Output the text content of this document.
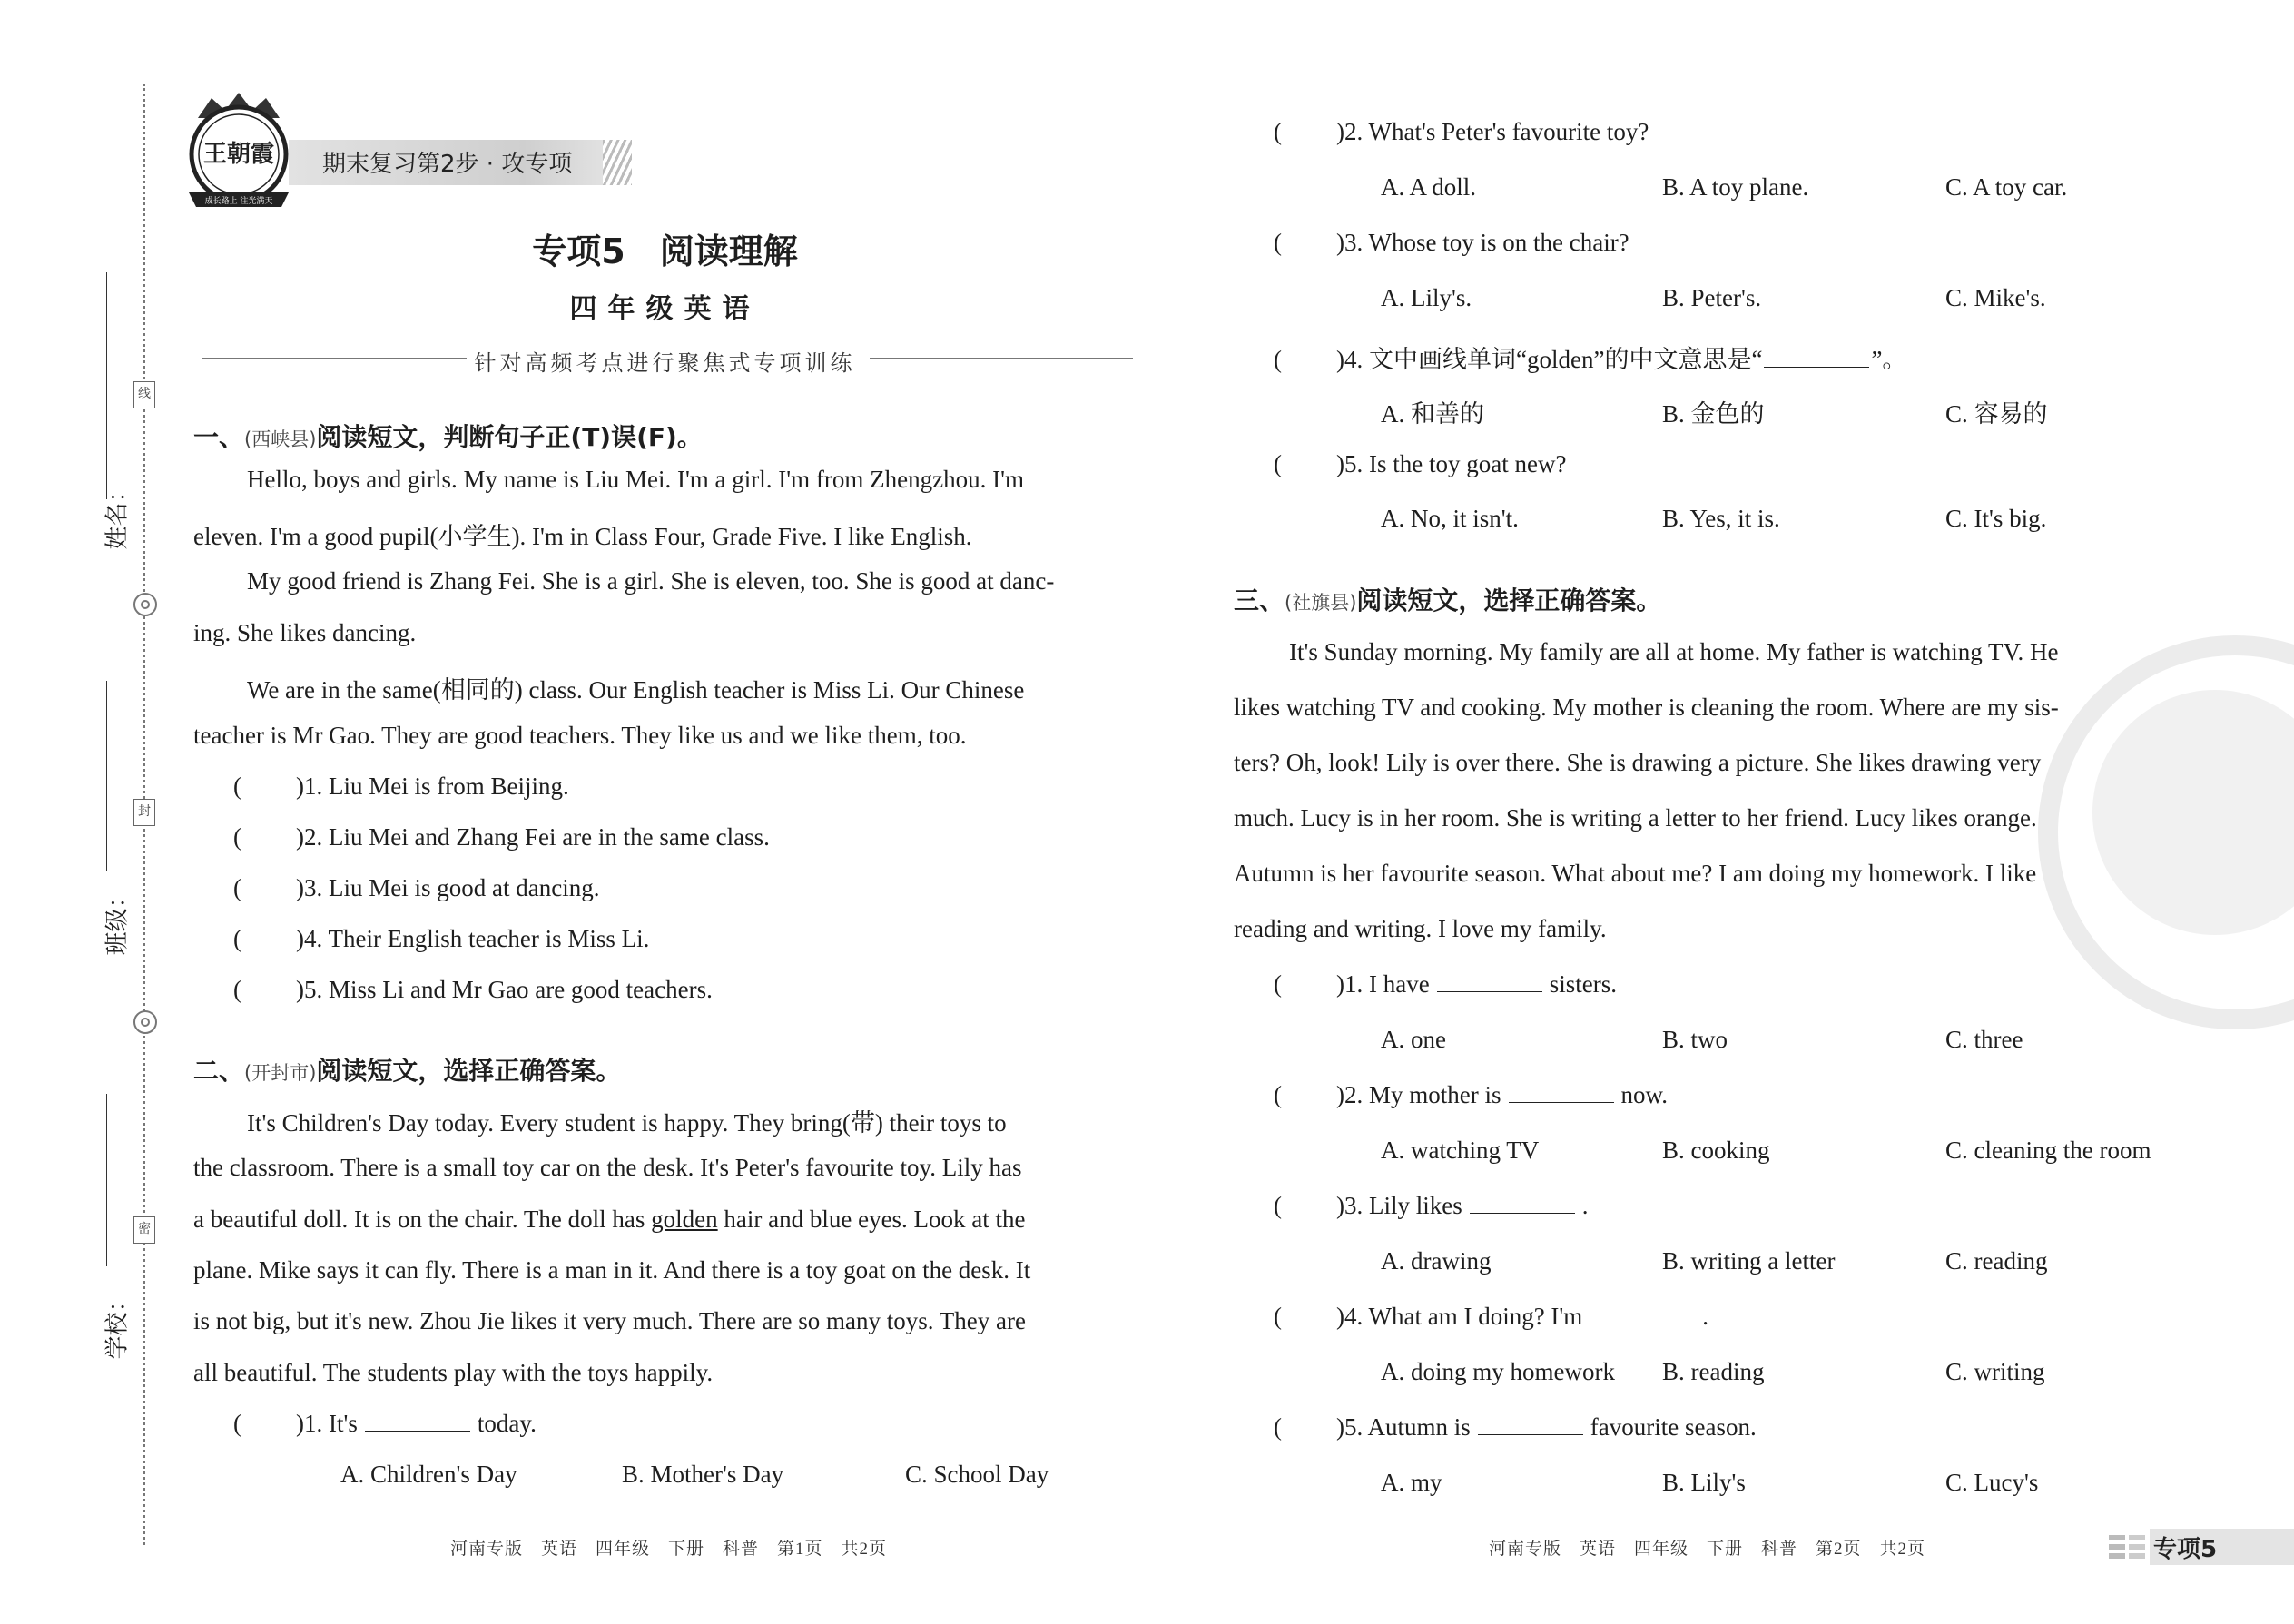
线
封
密
姓名：
班级：
学校：
期末复习第2步 · 攻专项
王朝霞
成长路上 注光满天
专项5　阅读理解
四年级英语
针对高频考点进行聚焦式专项训练
一、(西峡县)阅读短文，判断句子正(T)误(F)。
Hello, boys and girls. My name is Liu Mei. I'm a girl. I'm from Zhengzhou. I'm
eleven. I'm a good pupil(小学生). I'm in Class Four, Grade Five. I like English.
My good friend is Zhang Fei. She is a girl. She is eleven, too. She is good at danc-
ing. She likes dancing.
We are in the same(相同的) class. Our English teacher is Miss Li. Our Chinese
teacher is Mr Gao. They are good teachers. They like us and we like them, too.
( )1. Liu Mei is from Beijing.
( )2. Liu Mei and Zhang Fei are in the same class.
( )3. Liu Mei is good at dancing.
( )4. Their English teacher is Miss Li.
( )5. Miss Li and Mr Gao are good teachers.
二、(开封市)阅读短文，选择正确答案。
It's Children's Day today. Every student is happy. They bring(带) their toys to
the classroom. There is a small toy car on the desk. It's Peter's favourite toy. Lily has
a beautiful doll. It is on the chair. The doll has golden hair and blue eyes. Look at the
plane. Mike says it can fly. There is a man in it. And there is a toy goat on the desk. It
is not big, but it's new. Zhou Jie likes it very much. There are so many toys. They are
all beautiful. The students play with the toys happily.
( )1. It's	today.
A. Children's Day	B. Mother's Day	C. School Day
( )2. What's Peter's favourite toy?
A. A doll.	B. A toy plane.	C. A toy car.
( )3. Whose toy is on the chair?
A. Lily's.	B. Peter's.	C. Mike's.
( )4. 文中画线单词“golden”的中文意思是“	”。
A. 和善的	B. 金色的	C. 容易的
( )5. Is the toy goat new?
A. No, it isn't.	B. Yes, it is.	C. It's big.
三、(社旗县)阅读短文，选择正确答案。
It's Sunday morning. My family are all at home. My father is watching TV. He
likes watching TV and cooking. My mother is cleaning the room. Where are my sis-
ters? Oh, look! Lily is over there. She is drawing a picture. She likes drawing very
much. Lucy is in her room. She is writing a letter to her friend. Lucy likes orange.
Autumn is her favourite season. What about me? I am doing my homework. I like
reading and writing. I love my family.
( )1. I have	sisters.
A. one	B. two	C. three
( )2. My mother is	now.
A. watching TV	B. cooking	C. cleaning the room
( )3. Lily likes	.
A. drawing	B. writing a letter	C. reading
( )4. What am I doing? I'm	.
A. doing my homework B. reading	C. writing
( )5. Autumn is	favourite season.
A. my	B. Lily's	C. Lucy's
河南专版　英语　四年级　下册　科普　第1页　共2页	河南专版　英语　四年级　下册　科普　第2页　共2页	专项5
